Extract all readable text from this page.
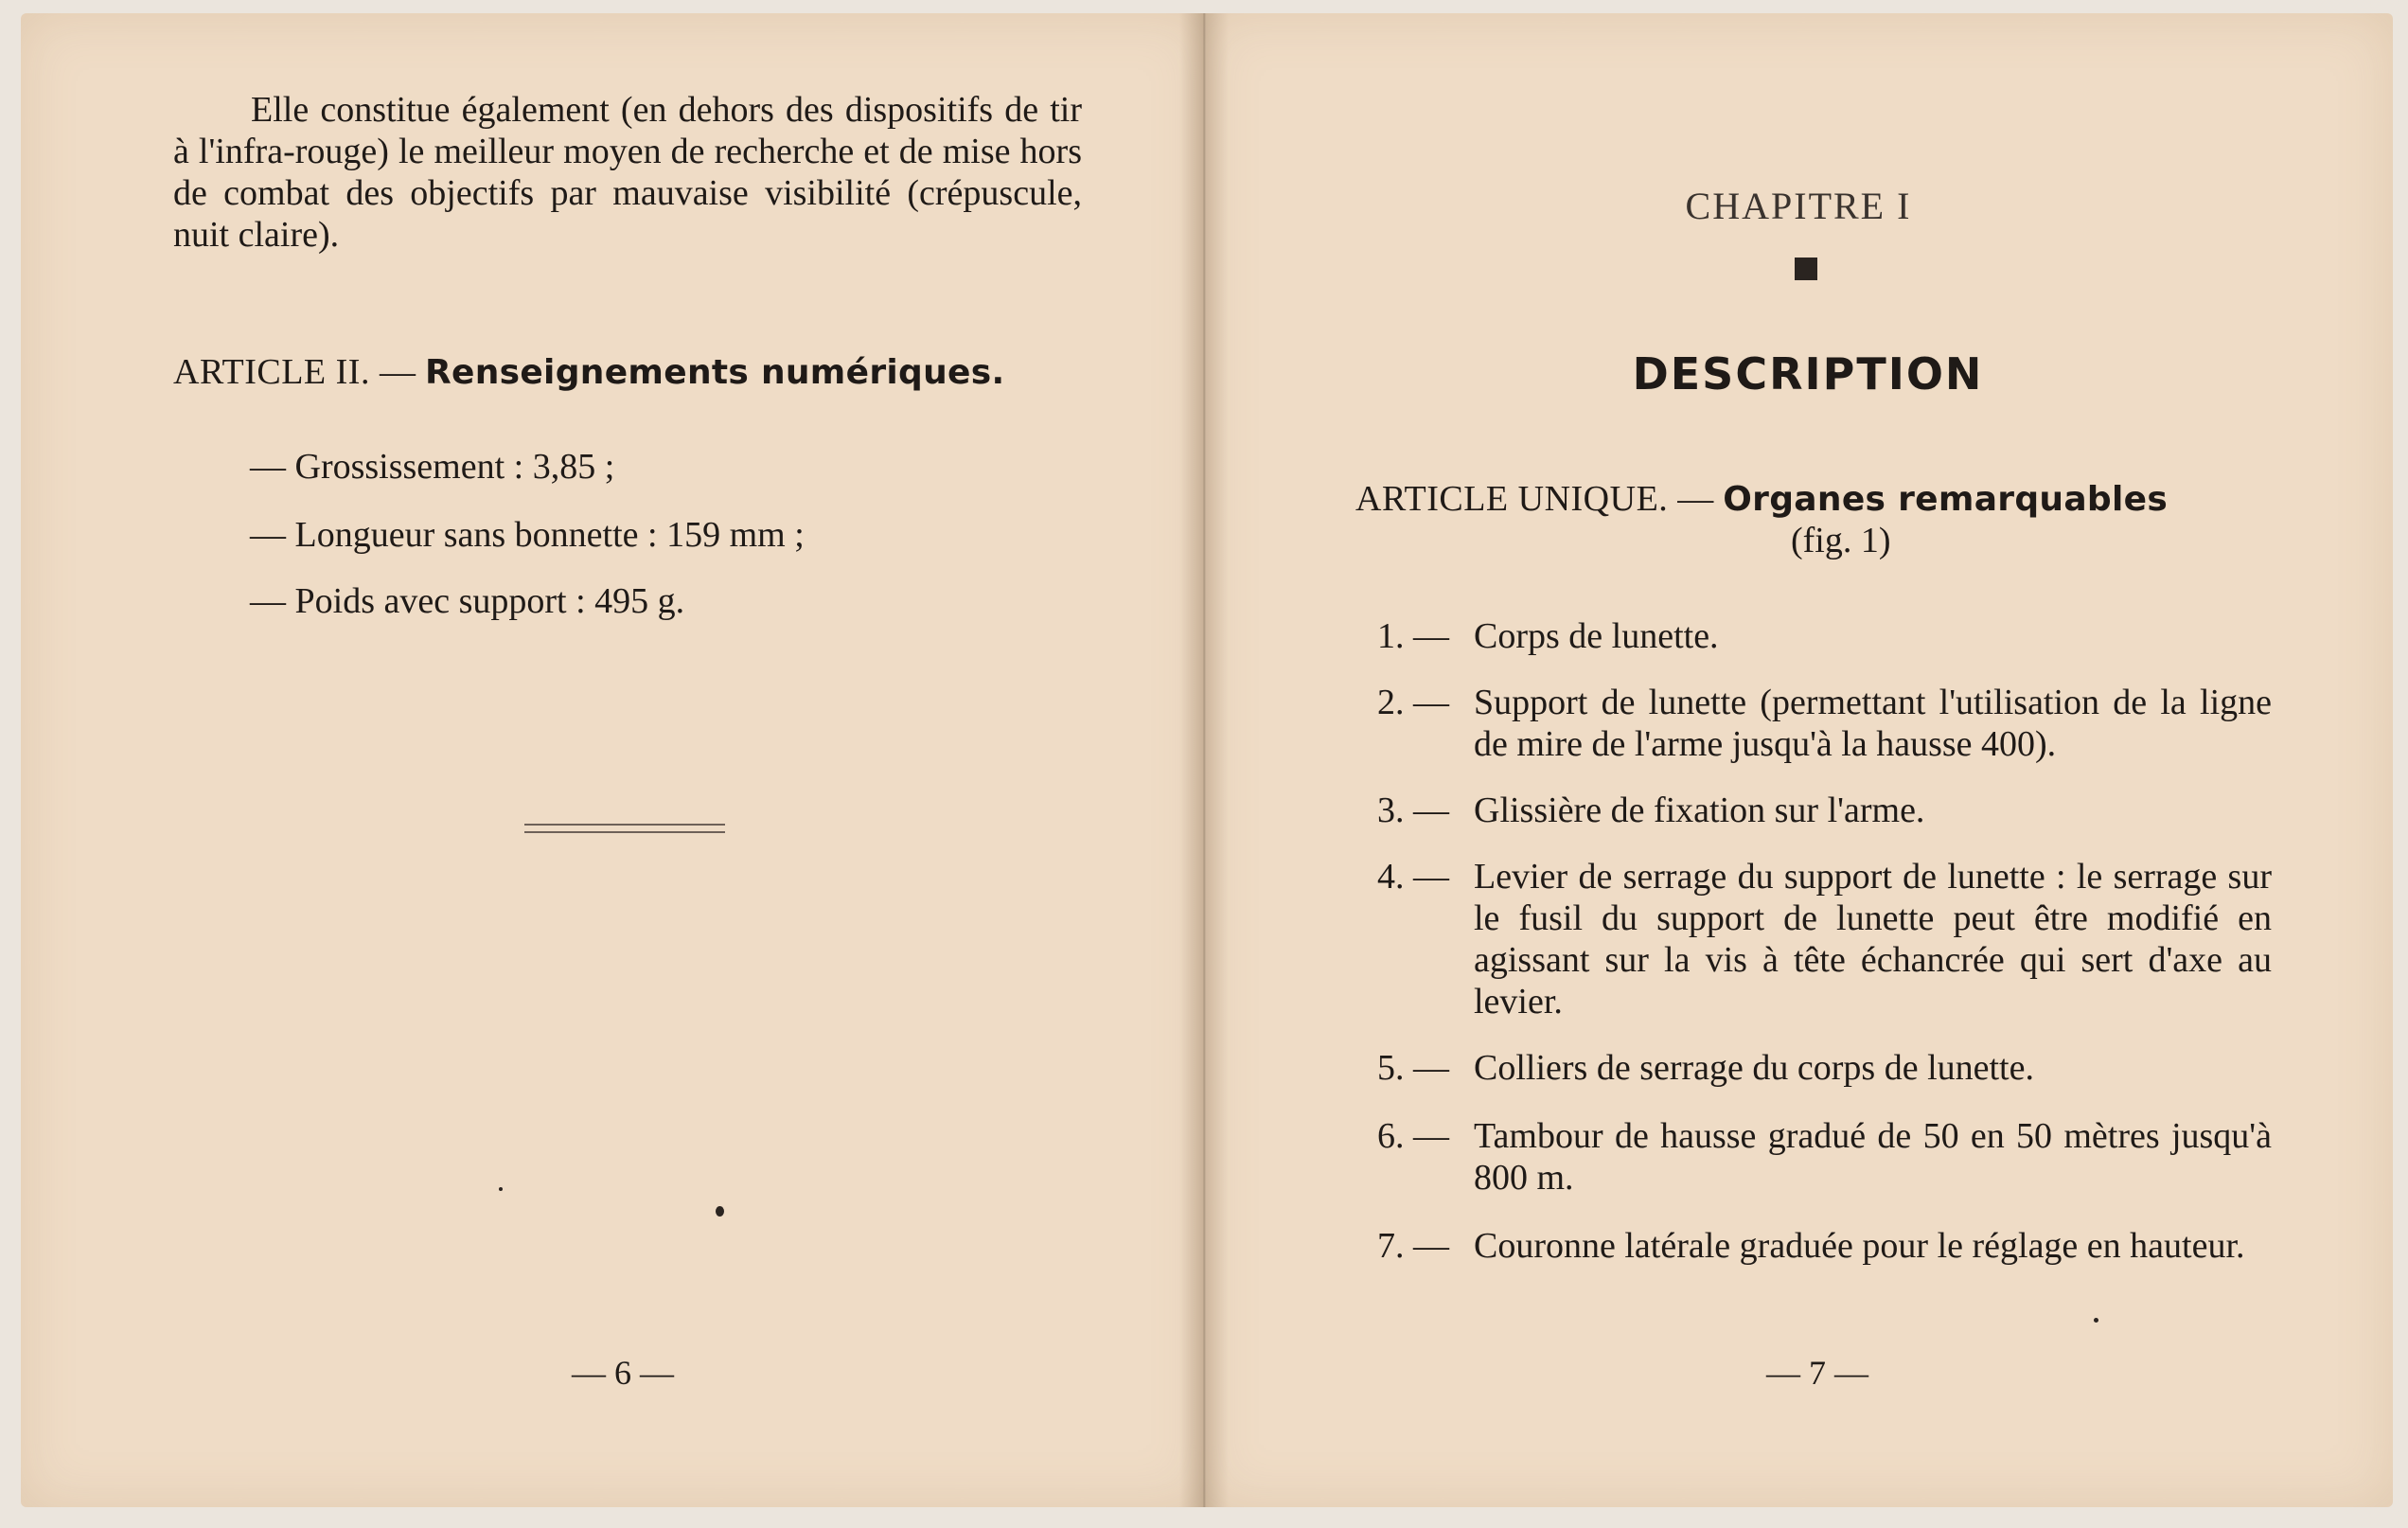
Elle constitue également (en dehors des dispositifs de tir à l'infra-rouge) le meilleur moyen de recherche et de mise hors de combat des objectifs par mauvaise visibilité (crépuscule, nuit claire).
ARTICLE II. — Renseignements numériques.
— Grossissement : 3,85 ;
— Longueur sans bonnette : 159 mm ;
— Poids avec support : 495 g.
— 6 —
CHAPITRE I
DESCRIPTION
ARTICLE UNIQUE. — Organes remarquables
(fig. 1)
1. — Corps de lunette.
2. — Support de lunette (permettant l'utilisation de la ligne de mire de l'arme jusqu'à la hausse 400).
3. — Glissière de fixation sur l'arme.
4. — Levier de serrage du support de lunette : le serrage sur le fusil du support de lunette peut être modifié en agissant sur la vis à tête échancrée qui sert d'axe au levier.
5. — Colliers de serrage du corps de lunette.
6. — Tambour de hausse gradué de 50 en 50 mètres jusqu'à 800 m.
7. — Couronne latérale graduée pour le réglage en hauteur.
— 7 —
